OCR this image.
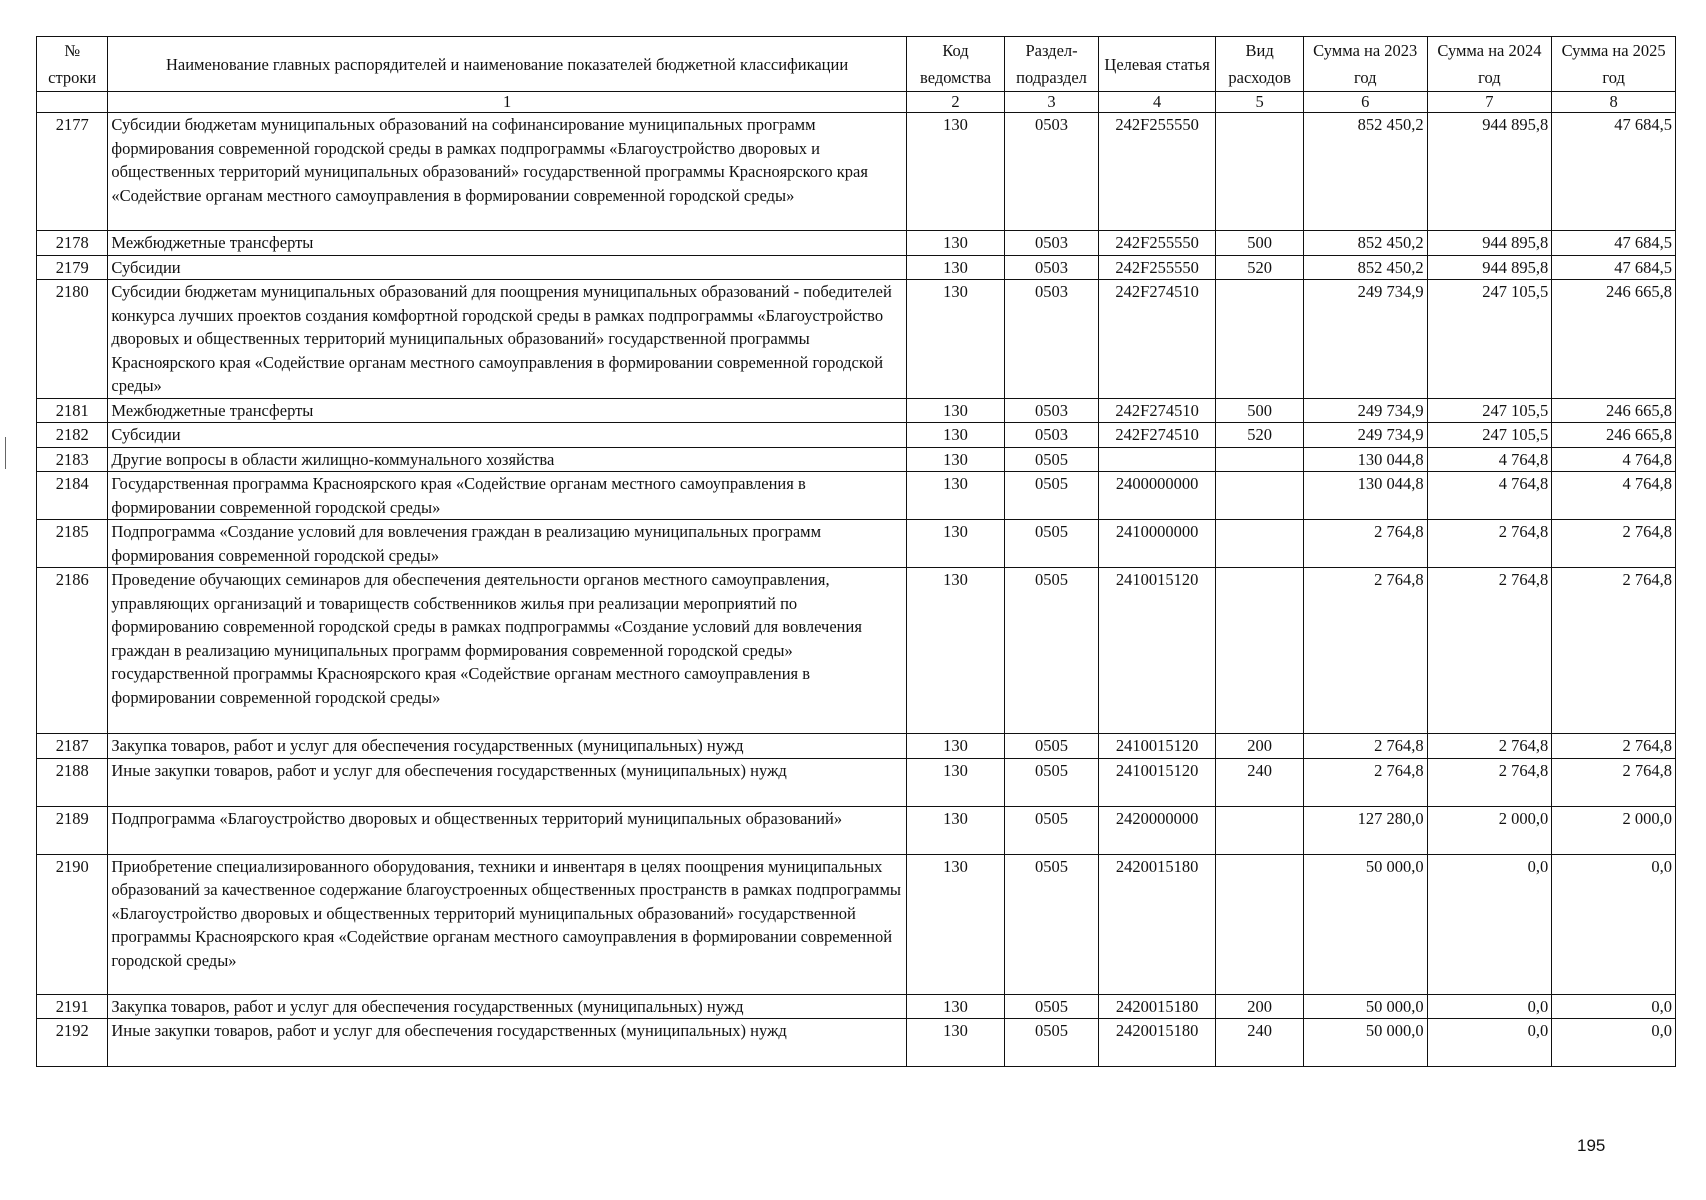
№ строки	Наименование главных распорядителей и наименование показателей бюджетной классификации	Код ведомства	Раздел-подраздел	Целевая статья	Вид расходов	Сумма на 2023 год	Сумма на 2024 год	Сумма на 2025 год
	1	2	3	4	5	6	7	8
2177	Субсидии бюджетам муниципальных образований на софинансирование муниципальных программ формирования современной городской среды в рамках подпрограммы «Благоустройство дворовых и общественных территорий муниципальных образований» государственной программы Красноярского края «Содействие органам местного самоуправления в формировании современной городской среды»	130	0503	242F255550		852 450,2	944 895,8	47 684,5
2178	Межбюджетные трансферты	130	0503	242F255550	500	852 450,2	944 895,8	47 684,5
2179	Субсидии	130	0503	242F255550	520	852 450,2	944 895,8	47 684,5
2180	Субсидии бюджетам муниципальных образований для поощрения муниципальных образований - победителей конкурса лучших проектов создания комфортной городской среды в рамках подпрограммы «Благоустройство дворовых и общественных территорий муниципальных образований» государственной программы Красноярского края «Содействие органам местного самоуправления в формировании современной городской среды»	130	0503	242F274510		249 734,9	247 105,5	246 665,8
2181	Межбюджетные трансферты	130	0503	242F274510	500	249 734,9	247 105,5	246 665,8
2182	Субсидии	130	0503	242F274510	520	249 734,9	247 105,5	246 665,8
2183	Другие вопросы в области жилищно-коммунального хозяйства	130	0505			130 044,8	4 764,8	4 764,8
2184	Государственная программа Красноярского края «Содействие органам местного самоуправления в формировании современной городской среды»	130	0505	2400000000		130 044,8	4 764,8	4 764,8
2185	Подпрограмма «Создание условий для вовлечения граждан в реализацию муниципальных программ формирования современной городской среды»	130	0505	2410000000		2 764,8	2 764,8	2 764,8
2186	Проведение обучающих семинаров для обеспечения деятельности органов местного самоуправления, управляющих организаций и товариществ собственников жилья при реализации мероприятий по формированию современной городской среды в рамках подпрограммы «Создание условий для вовлечения граждан в реализацию муниципальных программ формирования современной городской среды» государственной программы Красноярского края «Содействие органам местного самоуправления в формировании современной городской среды»	130	0505	2410015120		2 764,8	2 764,8	2 764,8
2187	Закупка товаров, работ и услуг для обеспечения государственных (муниципальных) нужд	130	0505	2410015120	200	2 764,8	2 764,8	2 764,8
2188	Иные закупки товаров, работ и услуг для обеспечения государственных (муниципальных) нужд	130	0505	2410015120	240	2 764,8	2 764,8	2 764,8
2189	Подпрограмма «Благоустройство дворовых и общественных территорий муниципальных образований»	130	0505	2420000000		127 280,0	2 000,0	2 000,0
2190	Приобретение специализированного оборудования, техники и инвентаря в целях поощрения муниципальных образований за качественное содержание благоустроенных общественных пространств в рамках подпрограммы «Благоустройство дворовых и общественных территорий муниципальных образований» государственной программы Красноярского края «Содействие органам местного самоуправления в формировании современной городской среды»	130	0505	2420015180		50 000,0	0,0	0,0
2191	Закупка товаров, работ и услуг для обеспечения государственных (муниципальных) нужд	130	0505	2420015180	200	50 000,0	0,0	0,0
2192	Иные закупки товаров, работ и услуг для обеспечения государственных (муниципальных) нужд	130	0505	2420015180	240	50 000,0	0,0	0,0
195
